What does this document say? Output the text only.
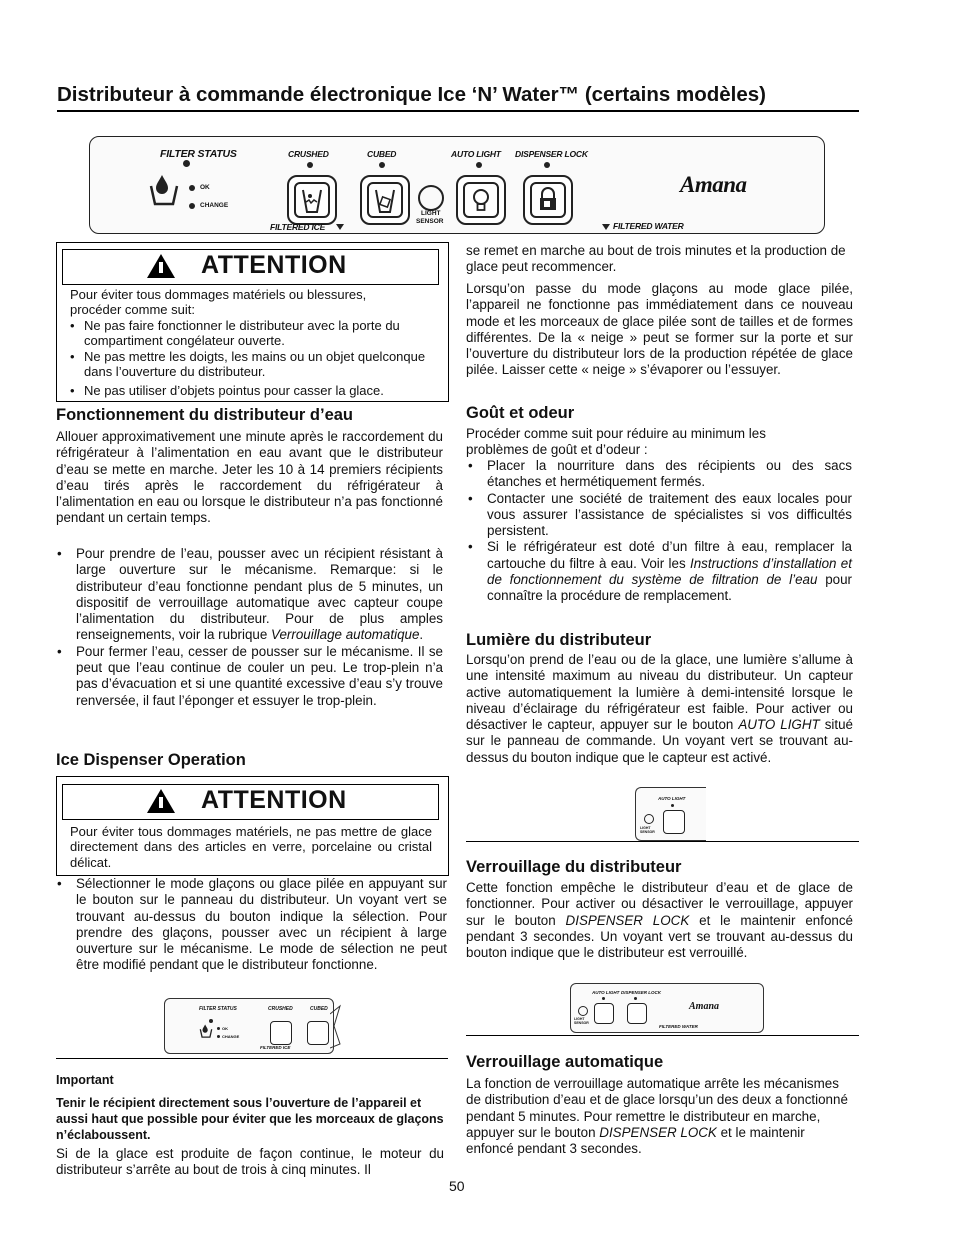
Distributeur à commande électronique Ice ‘N’ Water™ (certains modèles)
FILTER STATUS
OK
CHANGE
CRUSHED	CUBED
LIGHT
SENSOR
FILTERED ICE
AUTO LIGHT DISPENSER LOCK
FILTERED WATER
Amana
ATTENTION
Pour éviter tous dommages matériels ou blessures, procéder comme suit:
• Ne pas faire fonctionner le distributeur avec la porte du compartiment congélateur ouverte.
• Ne pas mettre les doigts, les mains ou un objet quelconque dans l’ouverture du distributeur.
• Ne pas utiliser d’objets pointus pour casser la glace.
Fonctionnement du distributeur d’eau
Allouer approximativement une minute après le raccordement du réfrigérateur à l’alimentation en eau avant que le distributeur d’eau se mette en marche. Jeter les 10 à 14 premiers récipients d’eau tirés après le raccordement du réfrigérateur à l’alimentation en eau ou lorsque le distributeur n’a pas fonctionné pendant un certain temps.
• Pour prendre de l’eau, pousser avec un récipient résistant à large ouverture sur le mécanisme. Remarque: si le distributeur d’eau fonctionne pendant plus de 5 minutes, un dispositif de verrouillage automatique avec capteur coupe l’alimentation du distributeur. Pour de plus amples renseignements, voir la rubrique Verrouillage automatique.
• Pour fermer l’eau, cesser de pousser sur le mécanisme. Il se peut que l’eau continue de couler un peu. Le trop-plein n’a pas d’évacuation et si une quantité excessive d’eau s’y trouve renversée, il faut l’éponger et essuyer le trop-plein.
Ice Dispenser Operation
ATTENTION
Pour éviter tous dommages matériels, ne pas mettre de glace directement dans des articles en verre, porcelaine ou cristal délicat.
• Sélectionner le mode glaçons ou glace pilée en appuyant sur le bouton sur le panneau du distributeur. Un voyant vert se trouvant au-dessus du bouton indique la sélection. Pour prendre des glaçons, pousser avec un récipient à large ouverture sur le mécanisme. Le mode de sélection ne peut être modifié pendant que le distributeur fonctionne.
FILTER STATUS	CRUSHED	CUBED
OK
CHANGE
FILTERED ICE
Important
Tenir le récipient directement sous l’ouverture de l’appareil et aussi haut que possible pour éviter que les morceaux de glaçons n’éclaboussent.
Si de la glace est produite de façon continue, le moteur du distributeur s’arrête au bout de trois à cinq minutes. Il
50
se remet en marche au bout de trois minutes et la production de glace peut recommencer.
Lorsqu’on passe du mode glaçons au mode glace pilée, l’appareil ne fonctionne pas immédiatement dans ce nouveau mode et les morceaux de glace pilée sont de tailles et de formes différentes. De la « neige » peut se former sur la porte et sur l’ouverture du distributeur lors de la production répétée de glace pilée. Laisser cette « neige » s’évaporer ou l’essuyer.
Goût et odeur
Procéder comme suit pour réduire au minimum les problèmes de goût et d’odeur :
• Placer la nourriture dans des récipients ou des sacs étanches et hermétiquement fermés.
• Contacter une société de traitement des eaux locales pour vous assurer l’assistance de spécialistes si vos difficultés persistent.
• Si le réfrigérateur est doté d’un filtre à eau, remplacer la cartouche du filtre à eau. Voir les Instructions d’installation et de fonctionnement du système de filtration de l’eau pour connaître la procédure de remplacement.
Lumière du distributeur
Lorsqu’on prend de l’eau ou de la glace, une lumière s’allume à une intensité maximum au niveau du distributeur. Un capteur active automatiquement la lumière à demi-intensité lorsque le niveau d’éclairage du réfrigérateur est faible. Pour activer ou désactiver le capteur, appuyer sur le bouton AUTO LIGHT situé sur le panneau de commande. Un voyant vert se trouvant au-dessus du bouton indique que le capteur est activé.
AUTO LIGHT
LIGHT SENSOR
Verrouillage du distributeur
Cette fonction empêche le distributeur d’eau et de glace de fonctionner. Pour activer ou désactiver le verrouillage, appuyer sur le bouton DISPENSER LOCK et le maintenir enfoncé pendant 3 secondes. Un voyant vert se trouvant au-dessus du bouton indique que le distributeur est verrouillé.
AUTO LIGHT DISPENSER LOCK
LIGHT SENSOR
FILTERED WATER
Amana
Verrouillage automatique
La fonction de verrouillage automatique arrête les mécanismes de distribution d’eau et de glace lorsqu’un des deux a fonctionné pendant 5 minutes. Pour remettre le distributeur en marche, appuyer sur le bouton DISPENSER LOCK et le maintenir enfoncé pendant 3 secondes.
